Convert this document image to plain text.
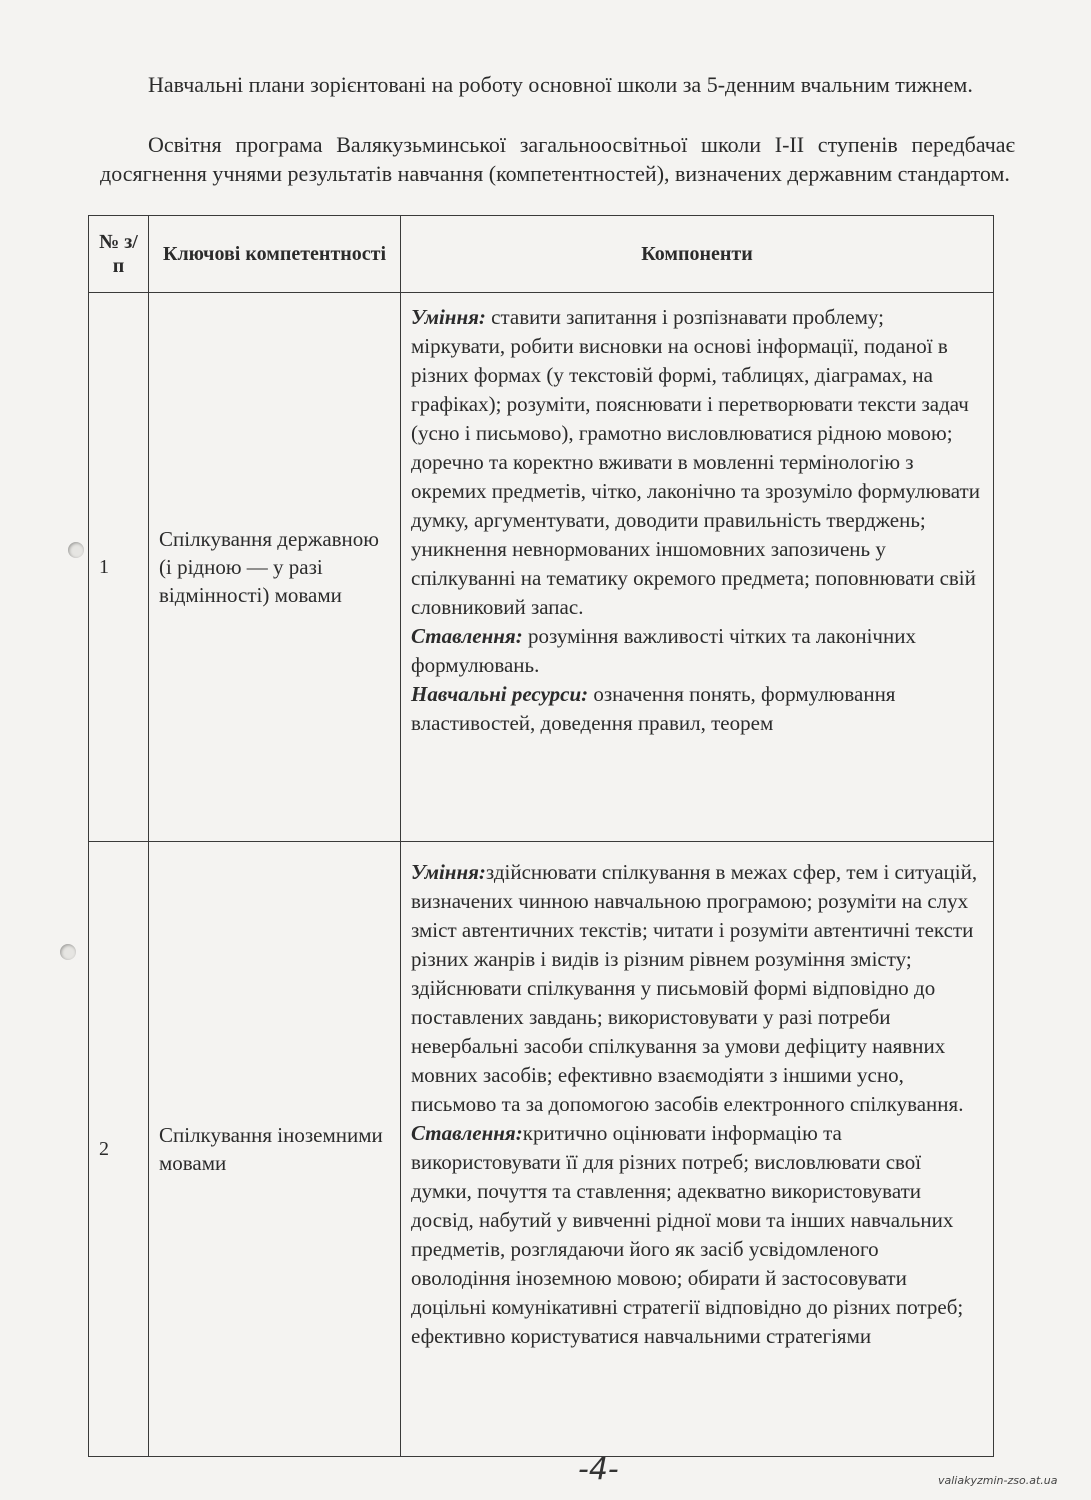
Навчальні плани зорієнтовані на роботу основної школи за 5-денним вчальним тижнем.

Освітня програма Валякузьминської загальноосвітньої школи І-ІІ ступенів передбачає досягнення учнями результатів навчання (компетентностей), визначених державним стандартом.

№ з/п	Ключові компетентності	Компоненти
1	Спілкування державною (і рідною — у разі відмінності) мовами	Уміння: ставити запитання і розпізнавати проблему; міркувати, робити висновки на основі інформації, поданої в різних формах (у текстовій формі, таблицях, діаграмах, на графіках); розуміти, пояснювати і перетворювати тексти задач (усно і письмово), грамотно висловлюватися рідною мовою; доречно та коректно вживати в мовленні термінологію з окремих предметів, чітко, лаконічно та зрозуміло формулювати думку, аргументувати, доводити правильність тверджень; уникнення невнормованих іншомовних запозичень у спілкуванні на тематику окремого предмета; поповнювати свій словниковий запас.

Ставлення: розуміння важливості чітких та лаконічних формулювань.

Навчальні ресурси: означення понять, формулювання властивостей, доведення правил, теорем

2	Спілкування іноземними мовами	Уміння:здійснювати спілкування в межах сфер, тем і ситуацій, визначених чинною навчальною програмою; розуміти на слух зміст автентичних текстів; читати і розуміти автентичні тексти різних жанрів і видів із різним рівнем розуміння змісту; здійснювати спілкування у письмовій формі відповідно до поставлених завдань; використовувати у разі потреби невербальні засоби спілкування за умови дефіциту наявних мовних засобів; ефективно взаємодіяти з іншими усно, письмово та за допомогою засобів електронного спілкування.

Ставлення:критично оцінювати інформацію та використовувати її для різних потреб; висловлювати свої думки, почуття та ставлення; адекватно використовувати досвід, набутий у вивченні рідної мови та інших навчальних предметів, розглядаючи його як засіб усвідомленого оволодіння іноземною мовою; обирати й застосовувати доцільні комунікативні стратегії відповідно до різних потреб; ефективно користуватися навчальними стратегіями

-4-	valiakyzmin-zso.at.ua
